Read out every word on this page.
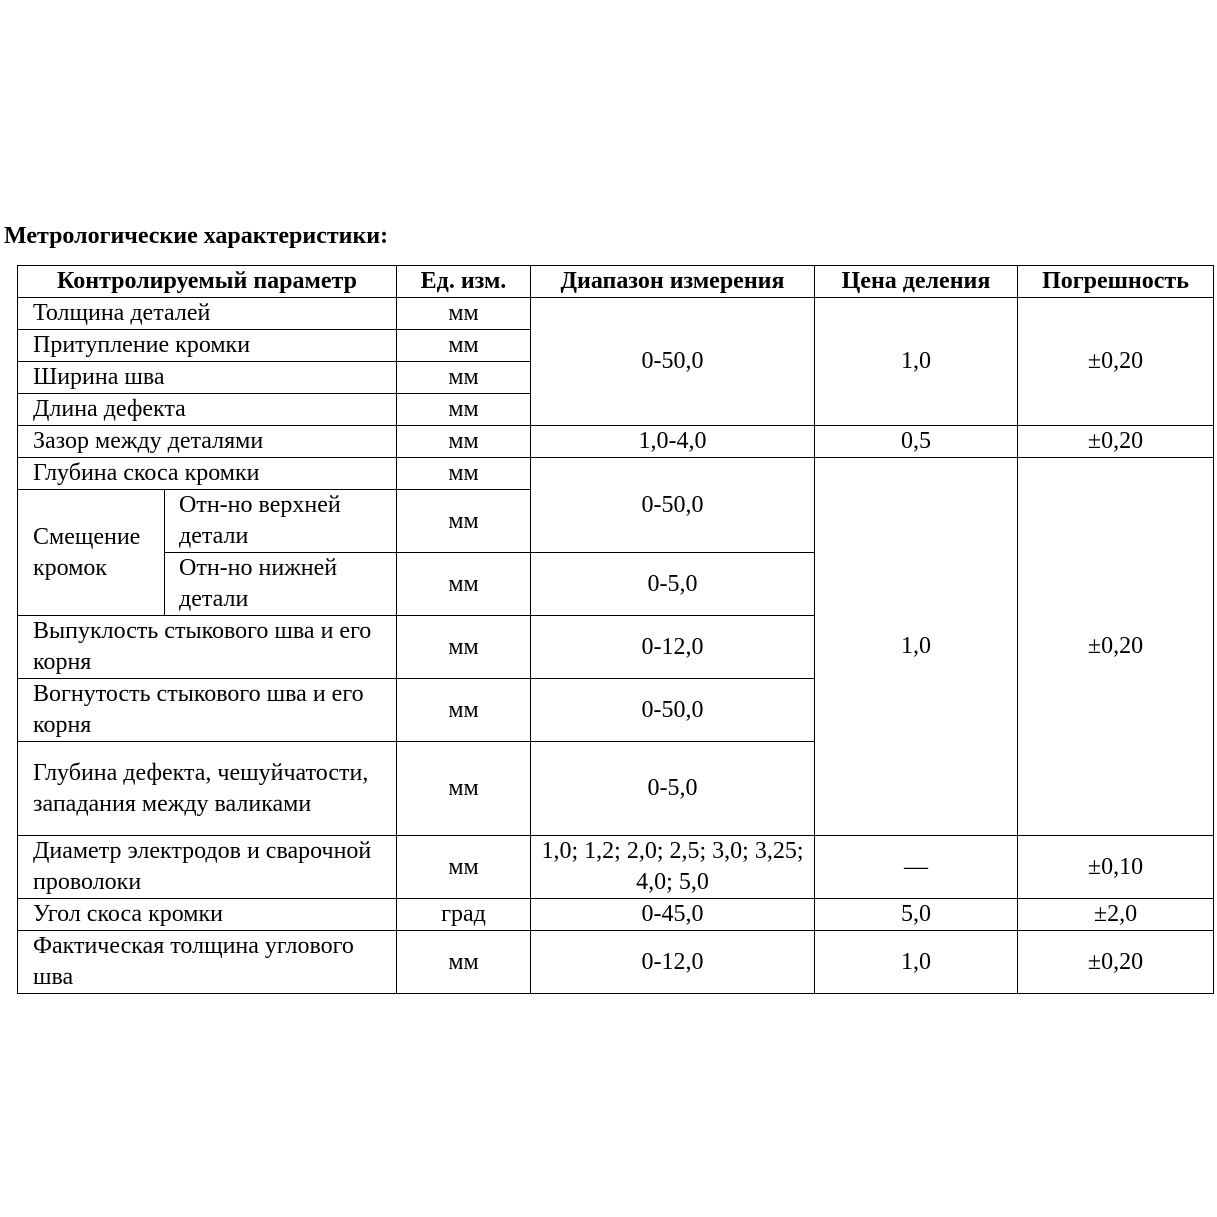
Метрологические характеристики:
Контролируемый параметр		Ед. изм.	Диапазон измерения	Цена деления	Погрешность
Толщина деталей		мм	0-50,0	1,0	±0,20
Притупление кромки		мм			
Ширина шва		мм			
Длина дефекта		мм			
Зазор между деталями		мм	1,0-4,0	0,5	±0,20
Глубина скоса кромки		мм	0-50,0	1,0	±0,20
Смещение кромок	Отн-но верхней детали	мм			
	Отн-но нижней детали	мм	0-5,0		
Выпуклость стыкового шва и его корня		мм	0-12,0		
Вогнутость стыкового шва и его корня		мм	0-50,0		
Глубина дефекта, чешуйчатости, западания между валиками		мм	0-5,0		
Диаметр электродов и сварочной проволоки		мм	1,0; 1,2; 2,0; 2,5; 3,0; 3,25; 4,0; 5,0	—	±0,10
Угол скоса кромки		град	0-45,0	5,0	±2,0
Фактическая толщина углового шва		мм	0-12,0	1,0	±0,20
